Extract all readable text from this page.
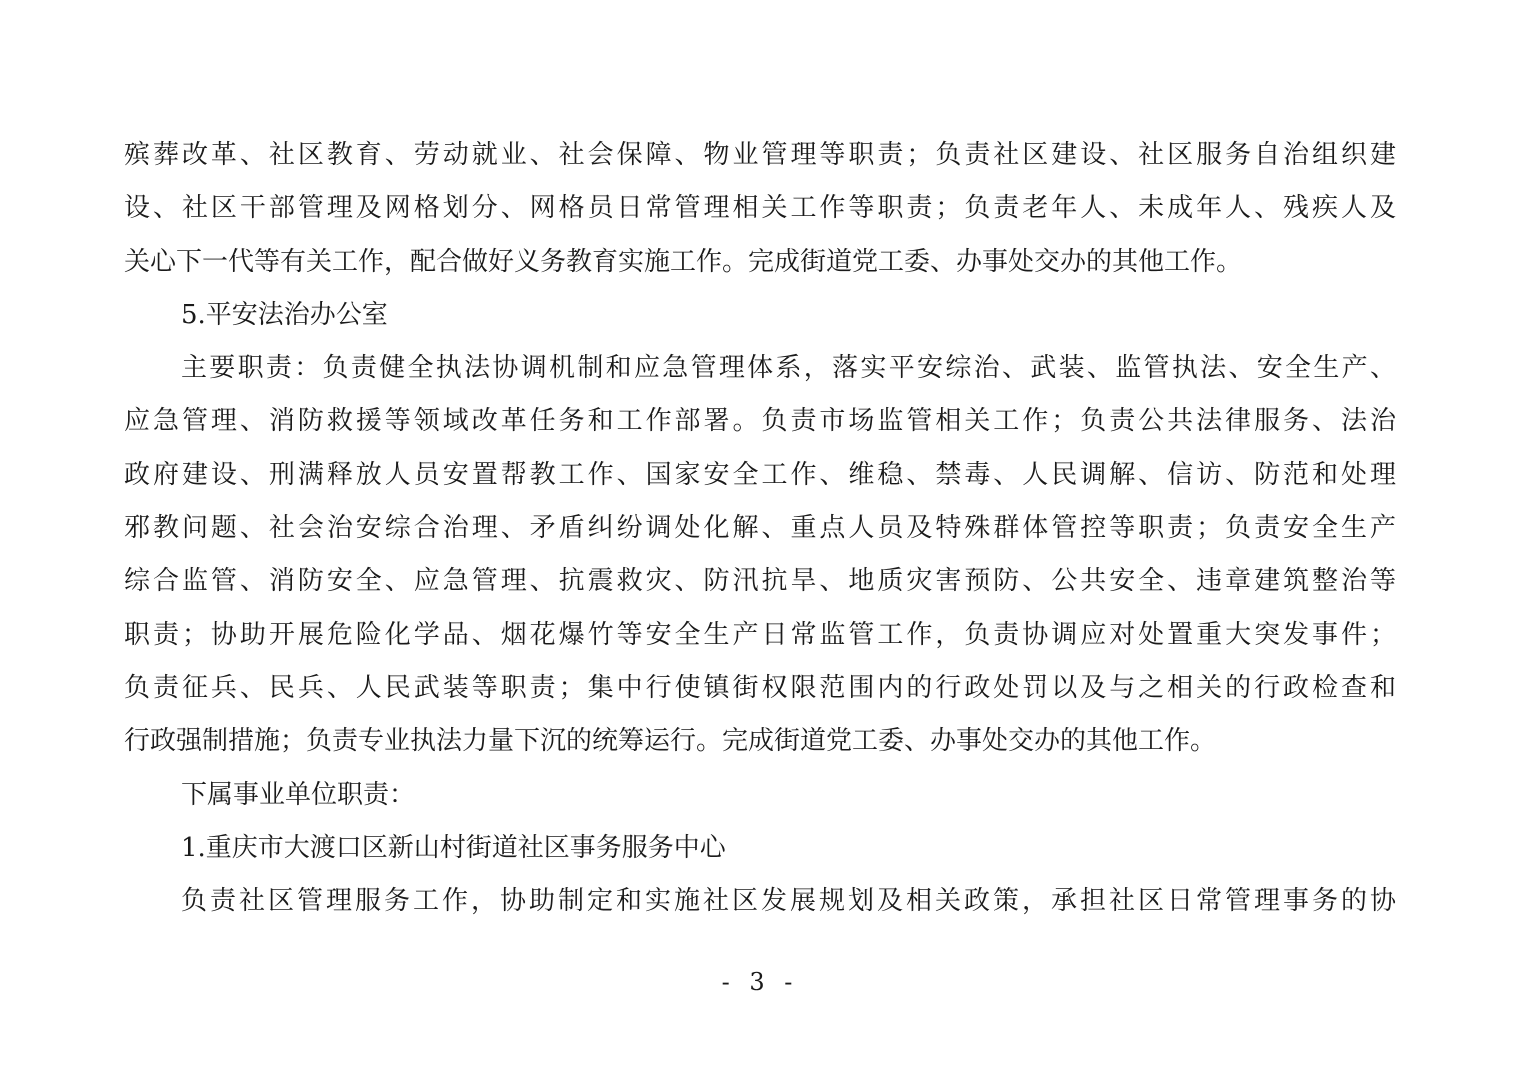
殡葬改革、社区教育、劳动就业、社会保障、物业管理等职责；负责社区建设、社区服务自治组织建
设、社区干部管理及网格划分、网格员日常管理相关工作等职责；负责老年人、未成年人、残疾人及
关心下一代等有关工作，配合做好义务教育实施工作。完成街道党工委、办事处交办的其他工作。
5.平安法治办公室
主要职责：负责健全执法协调机制和应急管理体系，落实平安综治、武装、监管执法、安全生产、
应急管理、消防救援等领域改革任务和工作部署。负责市场监管相关工作；负责公共法律服务、法治
政府建设、刑满释放人员安置帮教工作、国家安全工作、维稳、禁毒、人民调解、信访、防范和处理
邪教问题、社会治安综合治理、矛盾纠纷调处化解、重点人员及特殊群体管控等职责；负责安全生产
综合监管、消防安全、应急管理、抗震救灾、防汛抗旱、地质灾害预防、公共安全、违章建筑整治等
职责；协助开展危险化学品、烟花爆竹等安全生产日常监管工作，负责协调应对处置重大突发事件；
负责征兵、民兵、人民武装等职责；集中行使镇街权限范围内的行政处罚以及与之相关的行政检查和
行政强制措施；负责专业执法力量下沉的统筹运行。完成街道党工委、办事处交办的其他工作。
下属事业单位职责：
1.重庆市大渡口区新山村街道社区事务服务中心
负责社区管理服务工作，协助制定和实施社区发展规划及相关政策，承担社区日常管理事务的协
- 3 -
